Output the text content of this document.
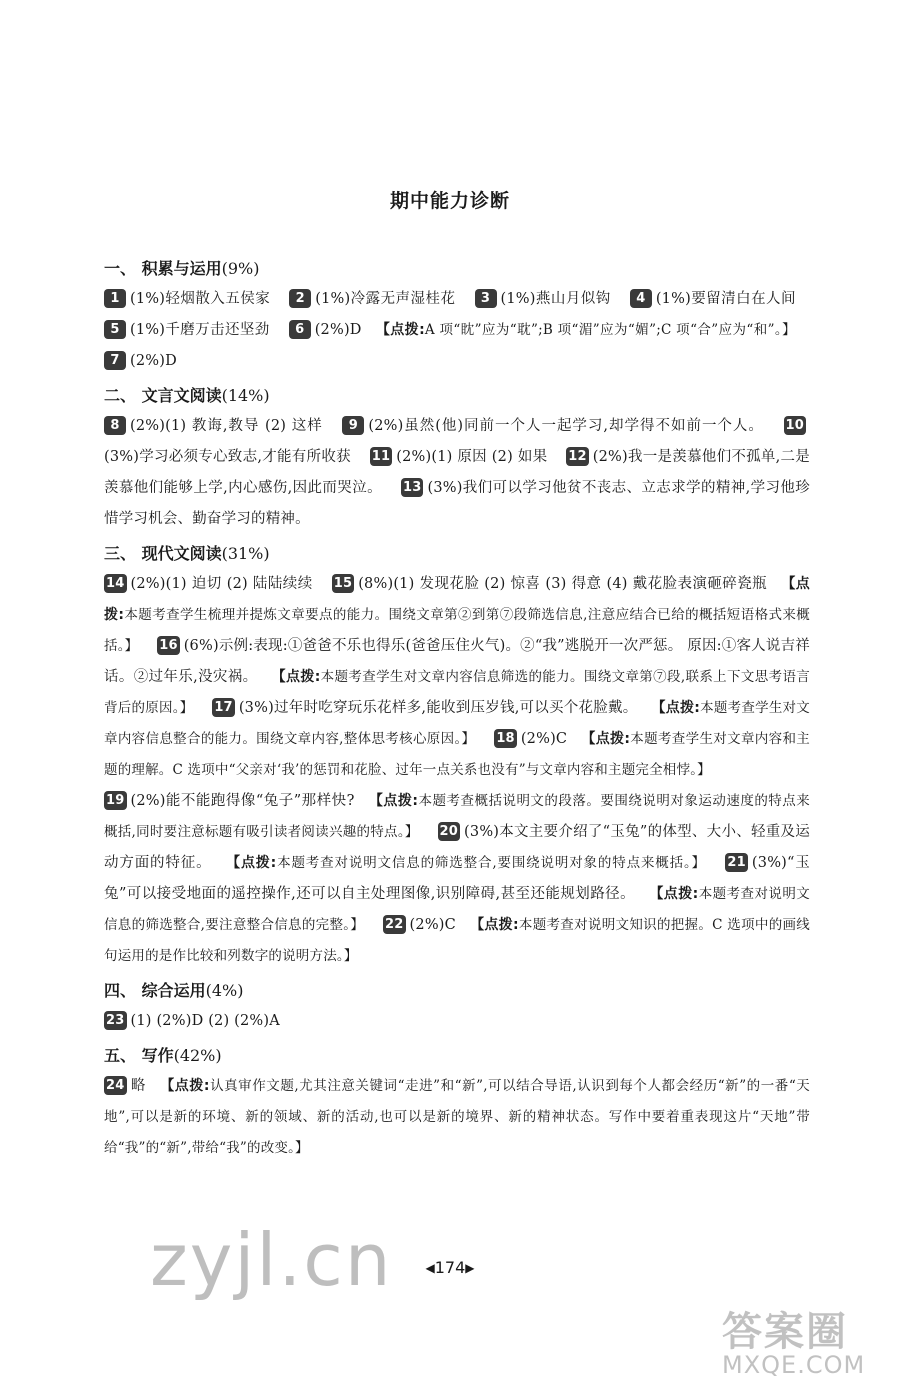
期中能力诊断
一、 积累与运用(9%)
1 (1%)轻烟散入五侯家 2 (1%)冷露无声湿桂花 3 (1%)燕山月似钩 4 (1%)要留清白在人间 5 (1%)千磨万击还坚劲 6 (2%)D 【点拨:A 项“眈”应为“耽”;B 项“湄”应为“媚”;C 项“合”应为“和”。】 7 (2%)D
二、 文言文阅读(14%)
8 (2%)(1) 教诲,教导 (2) 这样 9 (2%)虽然(他)同前一个人一起学习,却学得不如前一个人。 10(3%)学习必须专心致志,才能有所收获 11 (2%)(1) 原因 (2) 如果 12 (2%)我一是羡慕他们不孤单,二是羡慕他们能够上学,内心感伤,因此而哭泣。 13 (3%)我们可以学习他贫不丧志、立志求学的精神,学习他珍惜学习机会、勤奋学习的精神。
三、 现代文阅读(31%)
14 (2%)(1) 迫切 (2) 陆陆续续 15 (8%)(1) 发现花脸 (2) 惊喜 (3) 得意 (4) 戴花脸表演砸碎瓷瓶 【点拨:本题考查学生梳理并提炼文章要点的能力。围绕文章第②到第⑦段筛选信息,注意应结合已给的概括短语格式来概括。】 16 (6%)示例:表现:①爸爸不乐也得乐(爸爸压住火气)。②“我”逃脱开一次严惩。 原因:①客人说吉祥话。②过年乐,没灾祸。 【点拨:本题考查学生对文章内容信息筛选的能力。围绕文章第⑦段,联系上下文思考语言背后的原因。】 17 (3%)过年时吃穿玩乐花样多,能收到压岁钱,可以买个花脸戴。 【点拨:本题考查学生对文章内容信息整合的能力。围绕文章内容,整体思考核心原因。】 18 (2%)C 【点拨:本题考查学生对文章内容和主题的理解。C 选项中“父亲对‘我’的惩罚和花脸、过年一点关系也没有”与文章内容和主题完全相悖。】
19 (2%)能不能跑得像“兔子”那样快? 【点拨:本题考查概括说明文的段落。要围绕说明对象运动速度的特点来概括,同时要注意标题有吸引读者阅读兴趣的特点。】 20 (3%)本文主要介绍了“玉兔”的体型、大小、轻重及运动方面的特征。 【点拨:本题考查对说明文信息的筛选整合,要围绕说明对象的特点来概括。】 21 (3%)“玉兔”可以接受地面的遥控操作,还可以自主处理图像,识别障碍,甚至还能规划路径。 【点拨:本题考查对说明文信息的筛选整合,要注意整合信息的完整。】 22 (2%)C 【点拨:本题考查对说明文知识的把握。C 选项中的画线句运用的是作比较和列数字的说明方法。】
四、 综合运用(4%)
23 (1) (2%)D (2) (2%)A
五、 写作(42%)
24 略 【点拨:认真审作文题,尤其注意关键词“走进”和“新”,可以结合导语,认识到每个人都会经历“新”的一番“天地”,可以是新的环境、新的领域、新的活动,也可以是新的境界、新的精神状态。写作中要着重表现这片“天地”带给“我”的“新”,带给“我”的改变。】
◀174▶
zyjl.cn
答案圈
MXQE.COM
